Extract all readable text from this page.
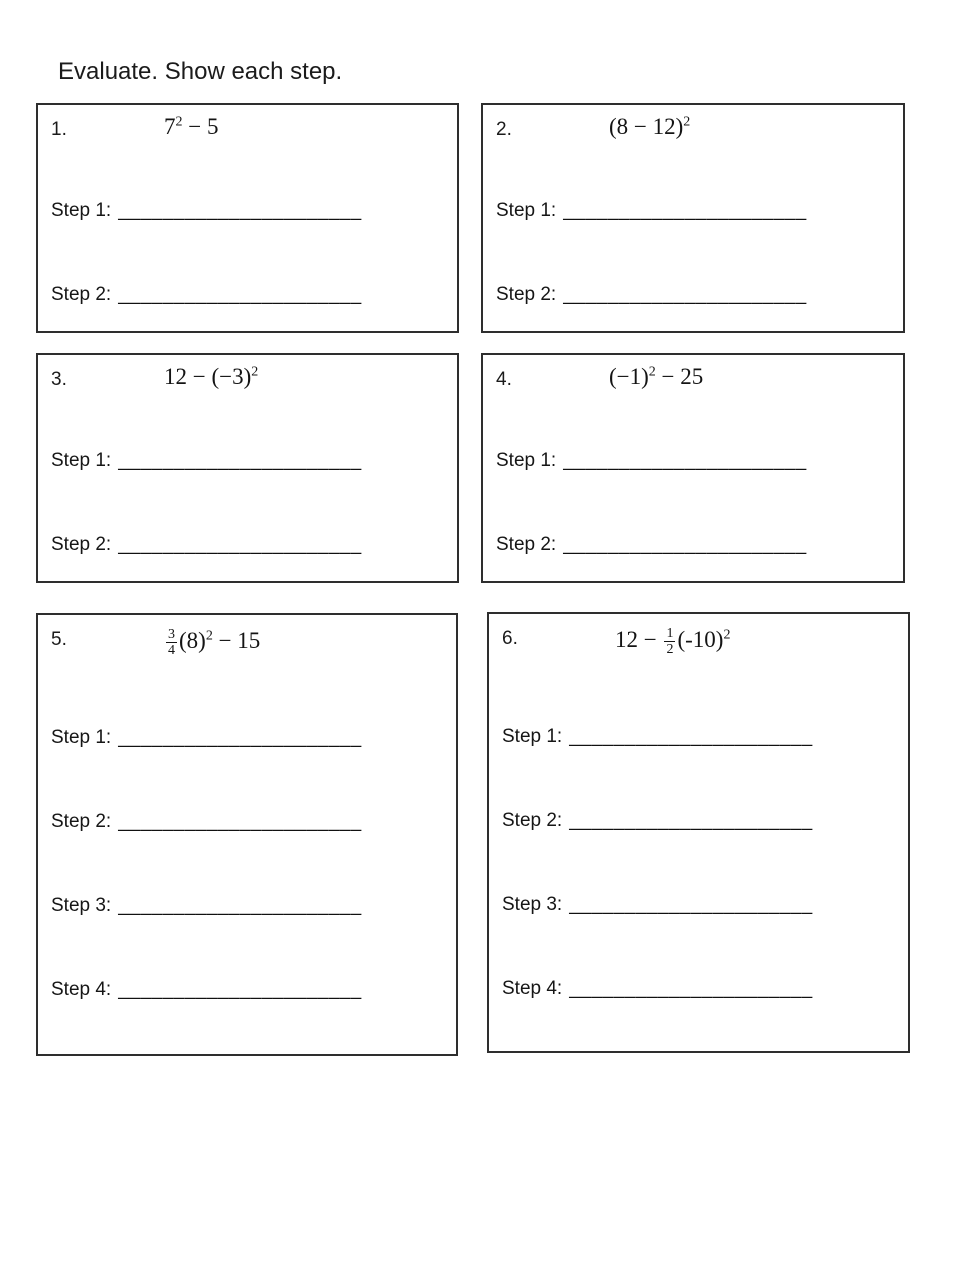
Evaluate. Show each step.
1.	$7^2 - 5$
Step 1: ______________________
Step 2: ______________________
2.	$(8 - 12)^2$
Step 1: ______________________
Step 2: ______________________
3.	$12 - (-3)^2$
Step 1: ______________________
Step 2: ______________________
4.	$(-1)^2 - 25$
Step 1: ______________________
Step 2: ______________________
5.	$\frac{3}{4} (8)^2 - 15$
Step 1: ______________________
Step 2: ______________________
Step 3: ______________________
Step 4: ______________________
6.	$12 - \frac{1}{2} (-10)^2$
Step 1: ______________________
Step 2: ______________________
Step 3: ______________________
Step 4: ______________________
